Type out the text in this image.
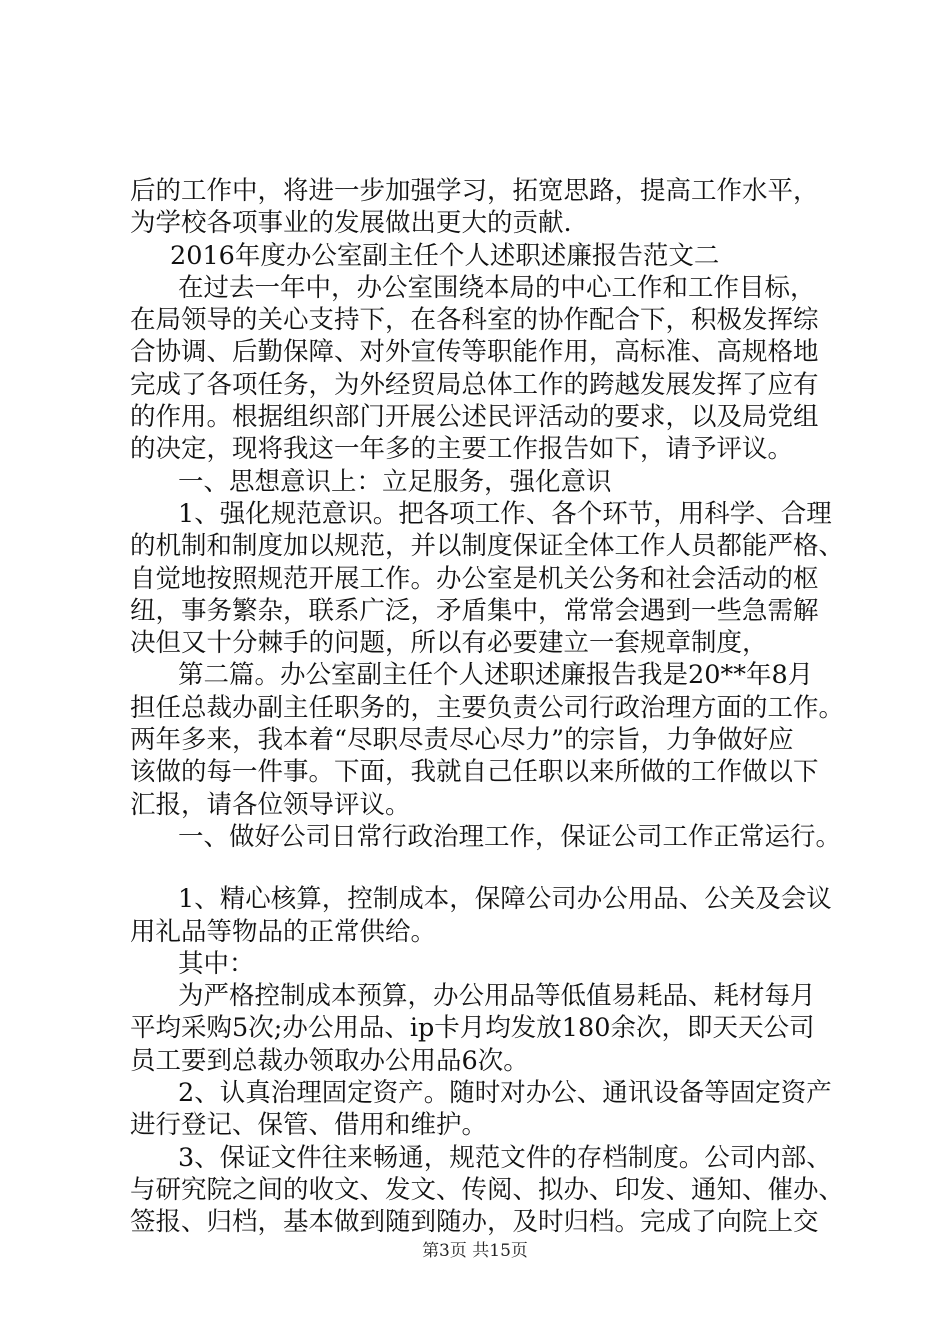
后的工作中，将进一步加强学习，拓宽思路，提高工作水平，
为学校各项事业的发展做出更大的贡献.
2016年度办公室副主任个人述职述廉报告范文二
在过去一年中，办公室围绕本局的中心工作和工作目标，
在局领导的关心支持下，在各科室的协作配合下，积极发挥综
合协调、后勤保障、对外宣传等职能作用，高标准、高规格地
完成了各项任务，为外经贸局总体工作的跨越发展发挥了应有
的作用。根据组织部门开展公述民评活动的要求，以及局党组
的决定，现将我这一年多的主要工作报告如下，请予评议。
一、思想意识上：立足服务，强化意识
1、强化规范意识。把各项工作、各个环节，用科学、合理
的机制和制度加以规范，并以制度保证全体工作人员都能严格、
自觉地按照规范开展工作。办公室是机关公务和社会活动的枢
纽，事务繁杂，联系广泛，矛盾集中，常常会遇到一些急需解
决但又十分棘手的问题，所以有必要建立一套规章制度，
第二篇。办公室副主任个人述职述廉报告我是20**年8月
担任总裁办副主任职务的，主要负责公司行政治理方面的工作。
两年多来，我本着“尽职尽责尽心尽力”的宗旨，力争做好应
该做的每一件事。下面，我就自己任职以来所做的工作做以下
汇报，请各位领导评议。
一、做好公司日常行政治理工作，保证公司工作正常运行。
1、精心核算，控制成本，保障公司办公用品、公关及会议
用礼品等物品的正常供给。
其中：
为严格控制成本预算，办公用品等低值易耗品、耗材每月
平均采购5次;办公用品、ip卡月均发放180余次，即天天公司
员工要到总裁办领取办公用品6次。
2、认真治理固定资产。随时对办公、通讯设备等固定资产
进行登记、保管、借用和维护。
3、保证文件往来畅通，规范文件的存档制度。公司内部、
与研究院之间的收文、发文、传阅、拟办、印发、通知、催办、
签报、归档，基本做到随到随办，及时归档。完成了向院上交
第3页 共15页
